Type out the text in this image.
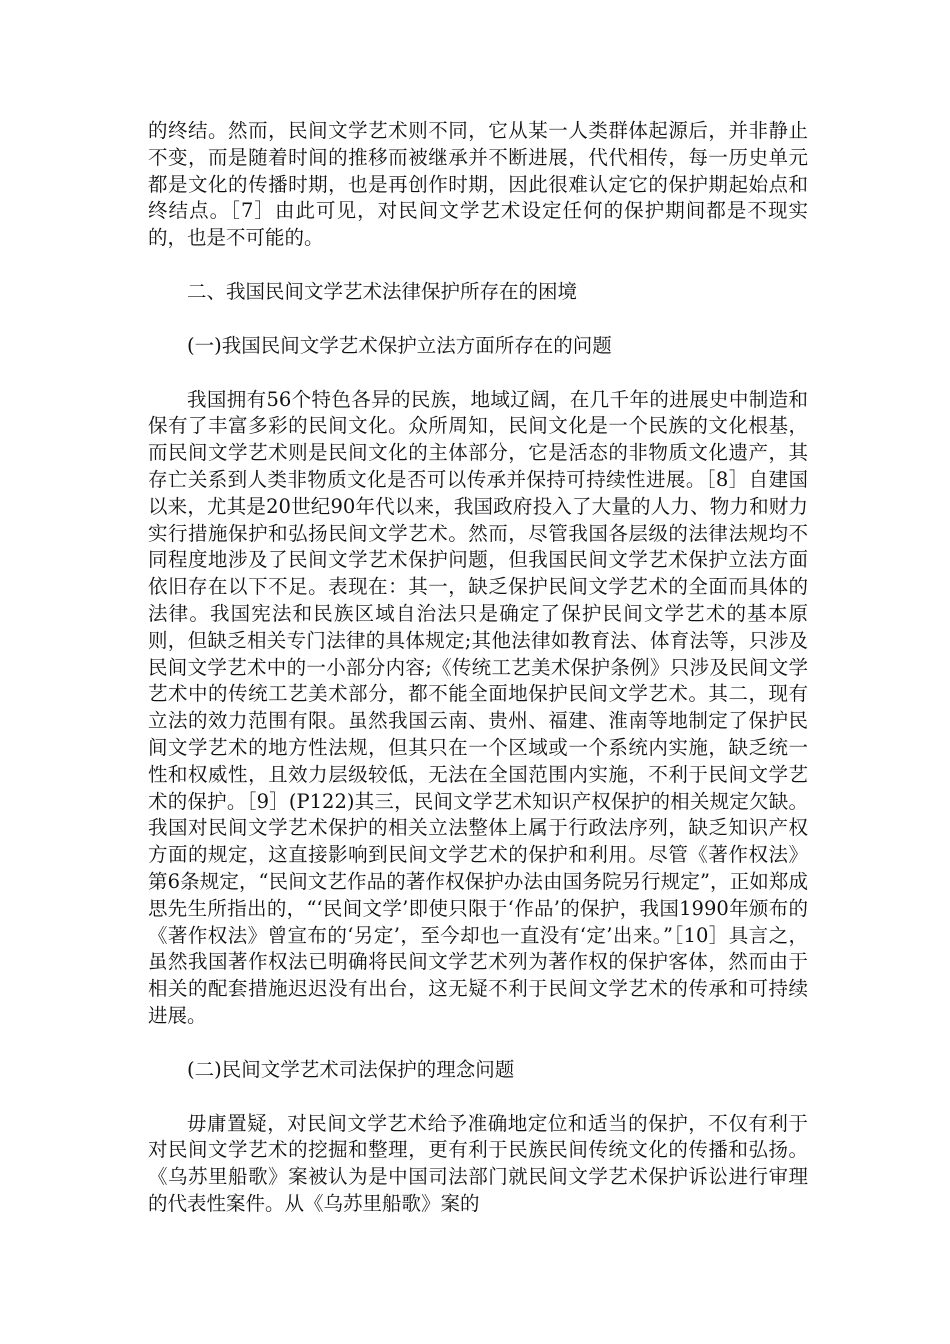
的终结。然而，民间文学艺术则不同，它从某一人类群体起源后，并非静止不变，而是随着时间的推移而被继承并不断进展，代代相传，每一历史单元都是文化的传播时期，也是再创作时期，因此很难认定它的保护期起始点和终结点。［7］由此可见，对民间文学艺术设定任何的保护期间都是不现实的，也是不可能的。

二、我国民间文学艺术法律保护所存在的困境

(一)我国民间文学艺术保护立法方面所存在的问题

我国拥有56个特色各异的民族，地域辽阔，在几千年的进展史中制造和保有了丰富多彩的民间文化。众所周知，民间文化是一个民族的文化根基，而民间文学艺术则是民间文化的主体部分，它是活态的非物质文化遗产，其存亡关系到人类非物质文化是否可以传承并保持可持续性进展。［8］自建国以来，尤其是20世纪90年代以来，我国政府投入了大量的人力、物力和财力实行措施保护和弘扬民间文学艺术。然而，尽管我国各层级的法律法规均不同程度地涉及了民间文学艺术保护问题，但我国民间文学艺术保护立法方面依旧存在以下不足。表现在：其一，缺乏保护民间文学艺术的全面而具体的法律。我国宪法和民族区域自治法只是确定了保护民间文学艺术的基本原则，但缺乏相关专门法律的具体规定;其他法律如教育法、体育法等，只涉及民间文学艺术中的一小部分内容;《传统工艺美术保护条例》只涉及民间文学艺术中的传统工艺美术部分，都不能全面地保护民间文学艺术。其二，现有立法的效力范围有限。虽然我国云南、贵州、福建、淮南等地制定了保护民间文学艺术的地方性法规，但其只在一个区域或一个系统内实施，缺乏统一性和权威性，且效力层级较低，无法在全国范围内实施，不利于民间文学艺术的保护。［9］(P122)其三，民间文学艺术知识产权保护的相关规定欠缺。我国对民间文学艺术保护的相关立法整体上属于行政法序列，缺乏知识产权方面的规定，这直接影响到民间文学艺术的保护和利用。尽管《著作权法》第6条规定，“民间文艺作品的著作权保护办法由国务院另行规定”，正如郑成思先生所指出的，“‘民间文学’即使只限于‘作品’的保护，我国1990年颁布的《著作权法》曾宣布的‘另定’，至今却也一直没有‘定’出来。”［10］具言之，虽然我国著作权法已明确将民间文学艺术列为著作权的保护客体，然而由于相关的配套措施迟迟没有出台，这无疑不利于民间文学艺术的传承和可持续进展。

(二)民间文学艺术司法保护的理念问题

毋庸置疑，对民间文学艺术给予准确地定位和适当的保护，不仅有利于对民间文学艺术的挖掘和整理，更有利于民族民间传统文化的传播和弘扬。《乌苏里船歌》案被认为是中国司法部门就民间文学艺术保护诉讼进行审理的代表性案件。从《乌苏里船歌》案的
